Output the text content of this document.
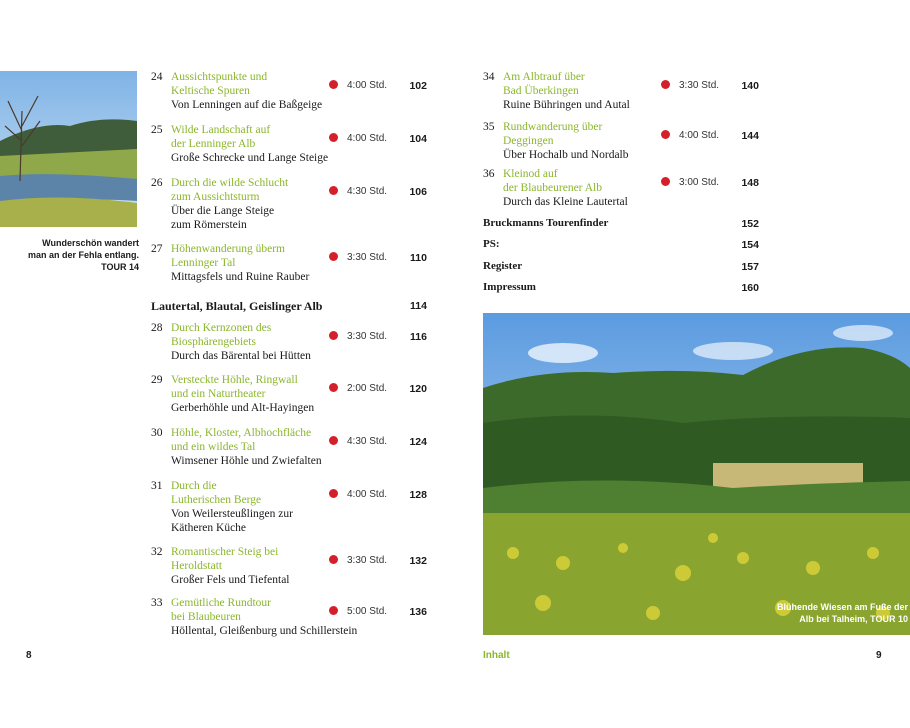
Wunderschön wandert
man an der Fehla entlang.
TOUR 14
24 Aussichtspunkte und
Keltische Spuren
Von Lenningen auf die Baßgeige
4:00 Std.	102
25 Wilde Landschaft auf
der Lenninger Alb
Große Schrecke und Lange Steige
4:00 Std.	104
26 Durch die wilde Schlucht
zum Aussichtsturm
Über die Lange Steige
zum Römerstein
4:30 Std.	106
27 Höhenwanderung überm
Lenninger Tal
Mittagsfels und Ruine Rauber
3:30 Std.	110
Lautertal, Blautal, Geislinger Alb	114
28 Durch Kernzonen des
Biosphärengebiets
Durch das Bärental bei Hütten
3:30 Std.	116
29 Versteckte Höhle, Ringwall
und ein Naturtheater
Gerberhöhle und Alt-Hayingen
2:00 Std.	120
30 Höhle, Kloster, Albhochfläche
und ein wildes Tal
Wimsener Höhle und Zwiefalten
4:30 Std.	124
31 Durch die
Lutherischen Berge
Von Weilersteußlingen zur
Kätheren Küche
4:00 Std.	128
32 Romantischer Steig bei
Heroldstatt
Großer Fels und Tiefental
3:30 Std.	132
33 Gemütliche Rundtour
bei Blaubeuren
Höllental, Gleißenburg und Schillerstein
5:00 Std.	136
34 Am Albtrauf über
Bad Überkingen
Ruine Bühringen und Autal
3:30 Std.	140
35 Rundwanderung über
Deggingen
Über Hochalb und Nordalb
4:00 Std.	144
36 Kleinod auf
der Blaubeurener Alb
Durch das Kleine Lautertal
3:00 Std.	148
Bruckmanns Tourenfinder	152
PS:	154
Register	157
Impressum	160
Blühende Wiesen am Fuße der
Alb bei Talheim, TOUR 10
8	Inhalt	9
